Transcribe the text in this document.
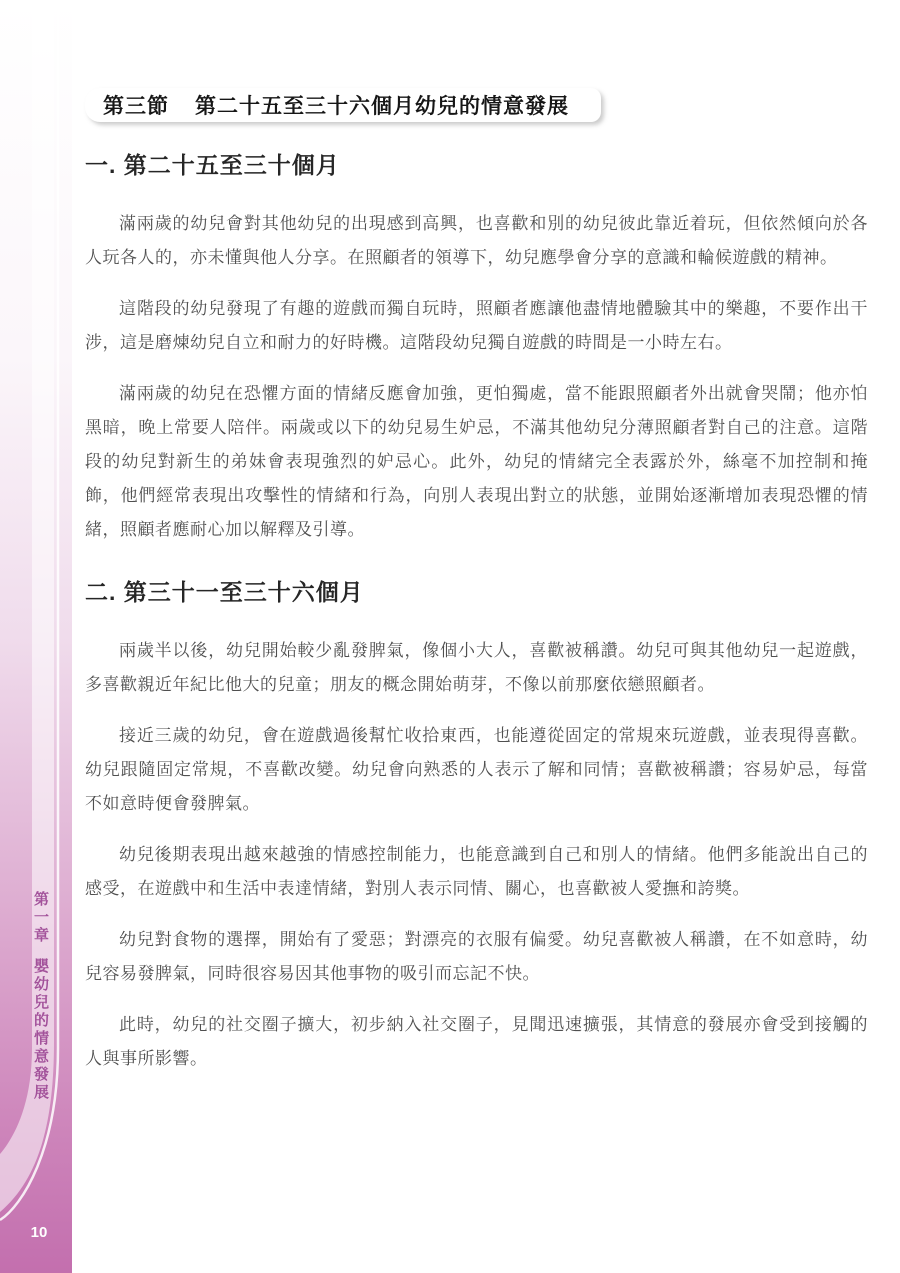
第一章
嬰幼兒的情意發展
10
第三節 第二十五至三十六個月幼兒的情意發展
一. 第二十五至三十個月

滿兩歲的幼兒會對其他幼兒的出現感到高興，也喜歡和別的幼兒彼此靠近着玩，但依然傾向於各人玩各人的，亦未懂與他人分享。在照顧者的領導下，幼兒應學會分享的意識和輪候遊戲的精神。

這階段的幼兒發現了有趣的遊戲而獨自玩時，照顧者應讓他盡情地體驗其中的樂趣，不要作出干涉，這是磨煉幼兒自立和耐力的好時機。這階段幼兒獨自遊戲的時間是一小時左右。

滿兩歲的幼兒在恐懼方面的情緒反應會加強，更怕獨處，當不能跟照顧者外出就會哭鬧；他亦怕黑暗，晚上常要人陪伴。兩歲或以下的幼兒易生妒忌，不滿其他幼兒分薄照顧者對自己的注意。這階段的幼兒對新生的弟妹會表現強烈的妒忌心。此外，幼兒的情緒完全表露於外，絲毫不加控制和掩飾，他們經常表現出攻擊性的情緒和行為，向別人表現出對立的狀態，並開始逐漸增加表現恐懼的情緒，照顧者應耐心加以解釋及引導。

二. 第三十一至三十六個月

兩歲半以後，幼兒開始較少亂發脾氣，像個小大人，喜歡被稱讚。幼兒可與其他幼兒一起遊戲，多喜歡親近年紀比他大的兒童；朋友的概念開始萌芽，不像以前那麼依戀照顧者。

接近三歲的幼兒，會在遊戲過後幫忙收拾東西，也能遵從固定的常規來玩遊戲，並表現得喜歡。幼兒跟隨固定常規，不喜歡改變。幼兒會向熟悉的人表示了解和同情；喜歡被稱讚；容易妒忌，每當不如意時便會發脾氣。

幼兒後期表現出越來越強的情感控制能力，也能意識到自己和別人的情緒。他們多能說出自己的感受，在遊戲中和生活中表達情緒，對別人表示同情、關心，也喜歡被人愛撫和誇獎。

幼兒對食物的選擇，開始有了愛惡；對漂亮的衣服有偏愛。幼兒喜歡被人稱讚，在不如意時，幼兒容易發脾氣，同時很容易因其他事物的吸引而忘記不快。

此時，幼兒的社交圈子擴大，初步納入社交圈子，見聞迅速擴張，其情意的發展亦會受到接觸的人與事所影響。
